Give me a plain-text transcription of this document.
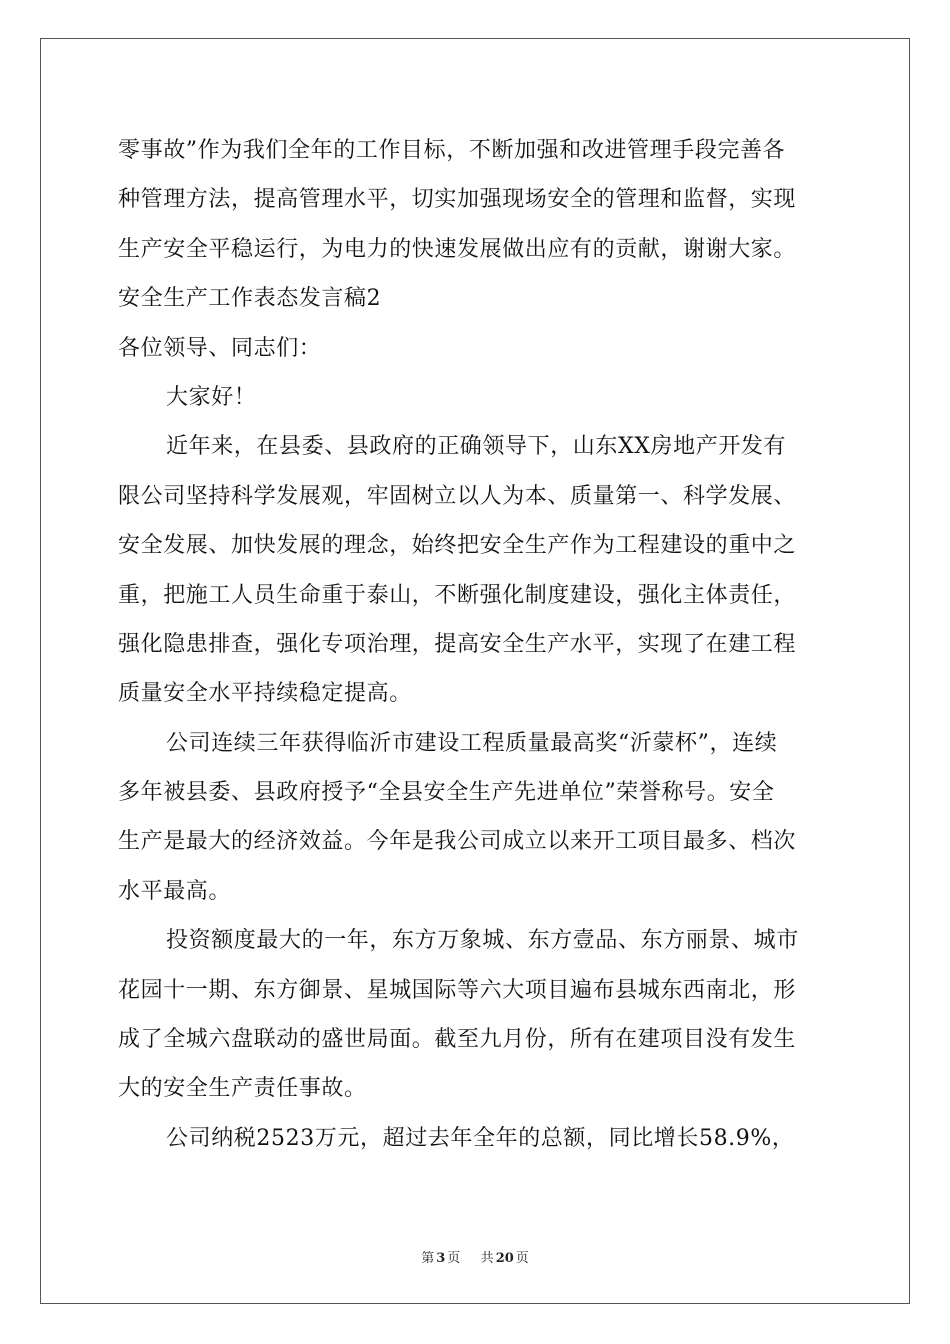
零事故”作为我们全年的工作目标，不断加强和改进管理手段完善各
种管理方法，提高管理水平，切实加强现场安全的管理和监督，实现
生产安全平稳运行，为电力的快速发展做出应有的贡献，谢谢大家。
安全生产工作表态发言稿2
各位领导、同志们：
大家好！
近年来，在县委、县政府的正确领导下，山东XX房地产开发有
限公司坚持科学发展观，牢固树立以人为本、质量第一、科学发展、
安全发展、加快发展的理念，始终把安全生产作为工程建设的重中之
重，把施工人员生命重于泰山，不断强化制度建设，强化主体责任，
强化隐患排查，强化专项治理，提高安全生产水平，实现了在建工程
质量安全水平持续稳定提高。
公司连续三年获得临沂市建设工程质量最高奖“沂蒙杯”，连续
多年被县委、县政府授予“全县安全生产先进单位”荣誉称号。安全
生产是最大的经济效益。今年是我公司成立以来开工项目最多、档次
水平最高。
投资额度最大的一年，东方万象城、东方壹品、东方丽景、城市
花园十一期、东方御景、星城国际等六大项目遍布县城东西南北，形
成了全城六盘联动的盛世局面。截至九月份，所有在建项目没有发生
大的安全生产责任事故。
公司纳税2523万元，超过去年全年的总额，同比增长58.9%，
第 3 页 共 20 页
